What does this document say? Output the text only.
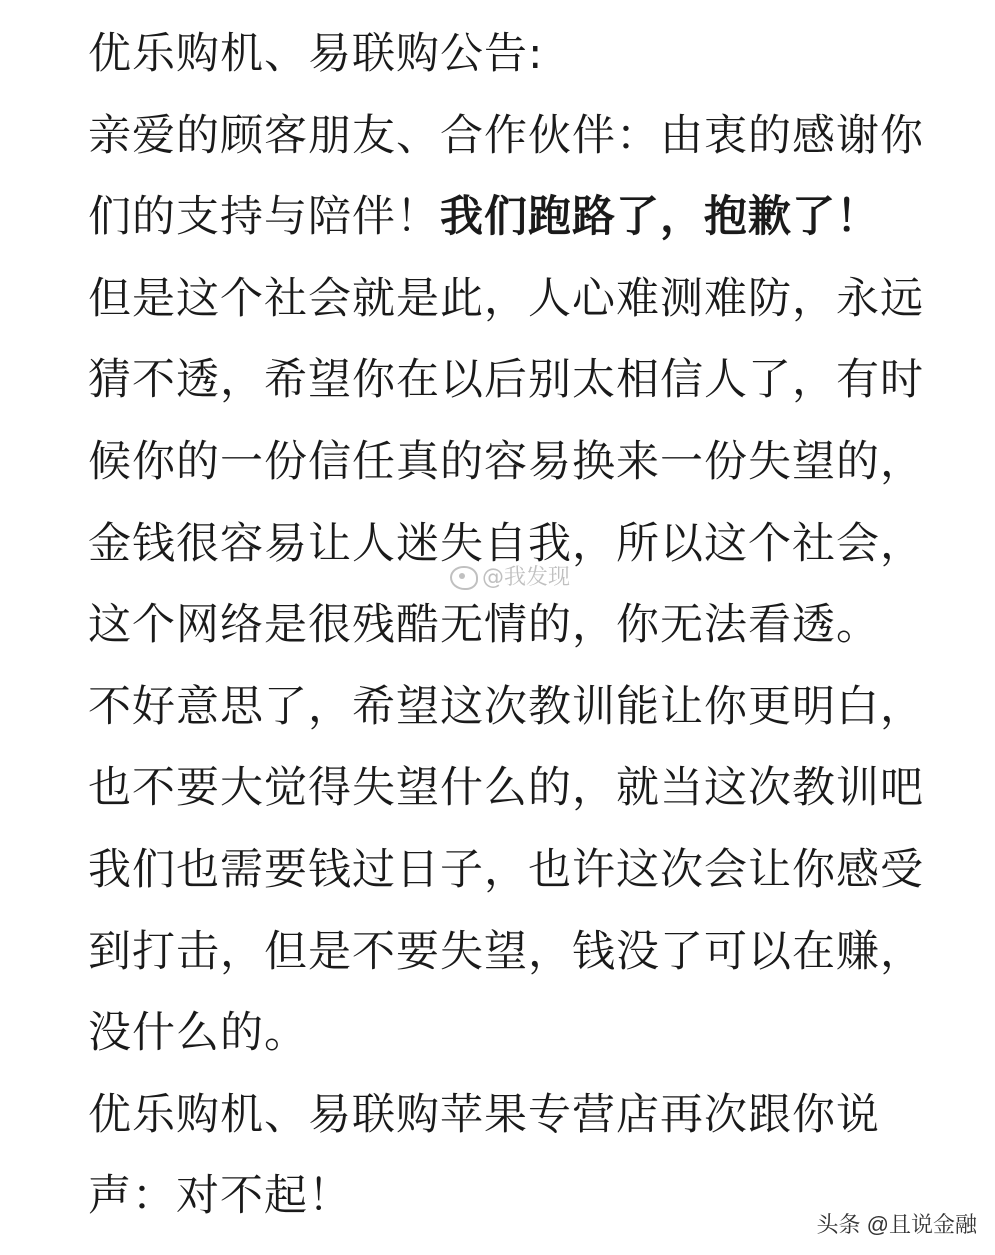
优乐购机、易联购公告:
亲爱的顾客朋友、合作伙伴：由衷的感谢你
们的支持与陪伴！我们跑路了，抱歉了！
但是这个社会就是此，人心难测难防，永远
猜不透，希望你在以后别太相信人了，有时
候你的一份信任真的容易换来一份失望的，
金钱很容易让人迷失自我，所以这个社会，
这个网络是很残酷无情的，你无法看透。
不好意思了，希望这次教训能让你更明白，
也不要大觉得失望什么的，就当这次教训吧
我们也需要钱过日子，也许这次会让你感受
到打击，但是不要失望，钱没了可以在赚，
没什么的。
优乐购机、易联购苹果专营店再次跟你说
声：对不起！
@我发现
头条 @且说金融
